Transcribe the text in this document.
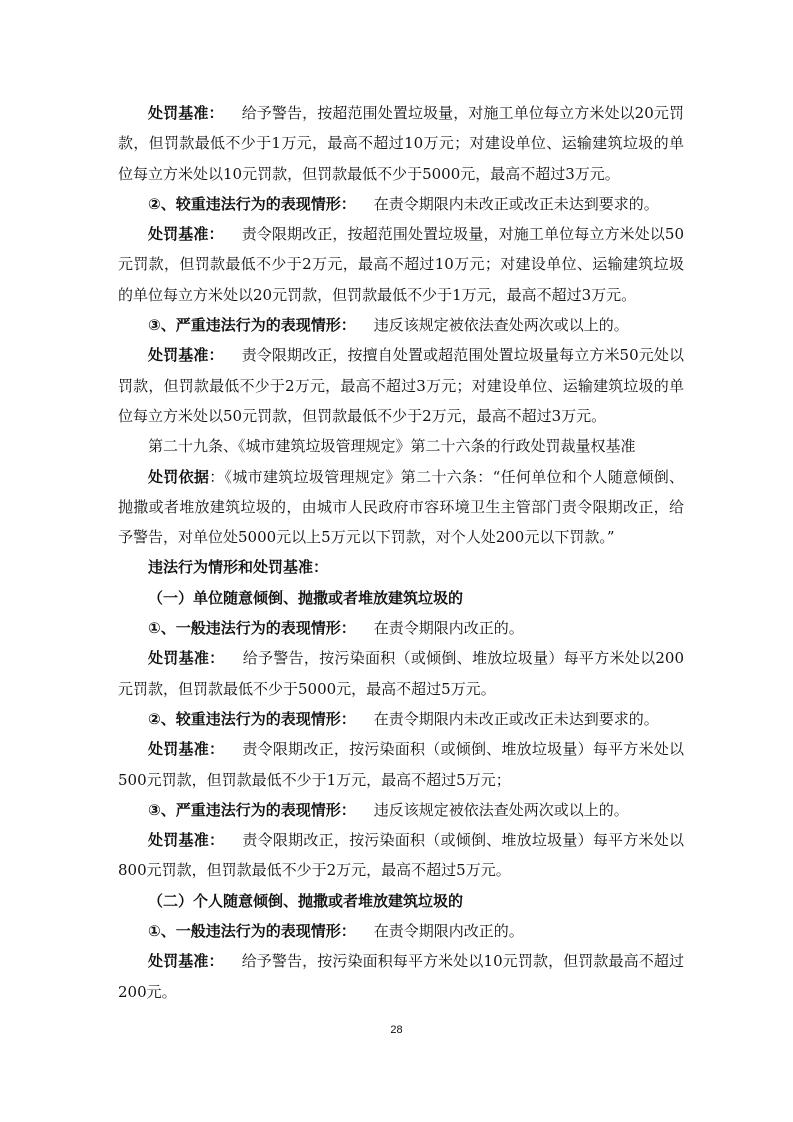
处罚基准： 给予警告，按超范围处置垃圾量，对施工单位每立方米处以20元罚款，但罚款最低不少于1万元，最高不超过10万元；对建设单位、运输建筑垃圾的单位每立方米处以10元罚款，但罚款最低不少于5000元，最高不超过3万元。

②、较重违法行为的表现情形： 在责令期限内未改正或改正未达到要求的。

处罚基准： 责令限期改正，按超范围处置垃圾量，对施工单位每立方米处以50元罚款，但罚款最低不少于2万元，最高不超过10万元；对建设单位、运输建筑垃圾的单位每立方米处以20元罚款，但罚款最低不少于1万元，最高不超过3万元。

③、严重违法行为的表现情形： 违反该规定被依法查处两次或以上的。

处罚基准： 责令限期改正，按擅自处置或超范围处置垃圾量每立方米50元处以罚款，但罚款最低不少于2万元，最高不超过3万元；对建设单位、运输建筑垃圾的单位每立方米处以50元罚款，但罚款最低不少于2万元，最高不超过3万元。

第二十九条、《城市建筑垃圾管理规定》第二十六条的行政处罚裁量权基准

处罚依据：《城市建筑垃圾管理规定》第二十六条：“任何单位和个人随意倾倒、抛撒或者堆放建筑垃圾的，由城市人民政府市容环境卫生主管部门责令限期改正，给予警告，对单位处5000元以上5万元以下罚款，对个人处200元以下罚款。”

违法行为情形和处罚基准：

（一）单位随意倾倒、抛撒或者堆放建筑垃圾的

①、一般违法行为的表现情形： 在责令期限内改正的。

处罚基准： 给予警告，按污染面积（或倾倒、堆放垃圾量）每平方米处以200元罚款，但罚款最低不少于5000元，最高不超过5万元。

②、较重违法行为的表现情形： 在责令期限内未改正或改正未达到要求的。

处罚基准： 责令限期改正，按污染面积（或倾倒、堆放垃圾量）每平方米处以500元罚款，但罚款最低不少于1万元，最高不超过5万元；

③、严重违法行为的表现情形： 违反该规定被依法查处两次或以上的。

处罚基准： 责令限期改正，按污染面积（或倾倒、堆放垃圾量）每平方米处以800元罚款，但罚款最低不少于2万元，最高不超过5万元。

（二）个人随意倾倒、抛撒或者堆放建筑垃圾的

①、一般违法行为的表现情形： 在责令期限内改正的。

处罚基准： 给予警告，按污染面积每平方米处以10元罚款，但罚款最高不超过200元。

28
